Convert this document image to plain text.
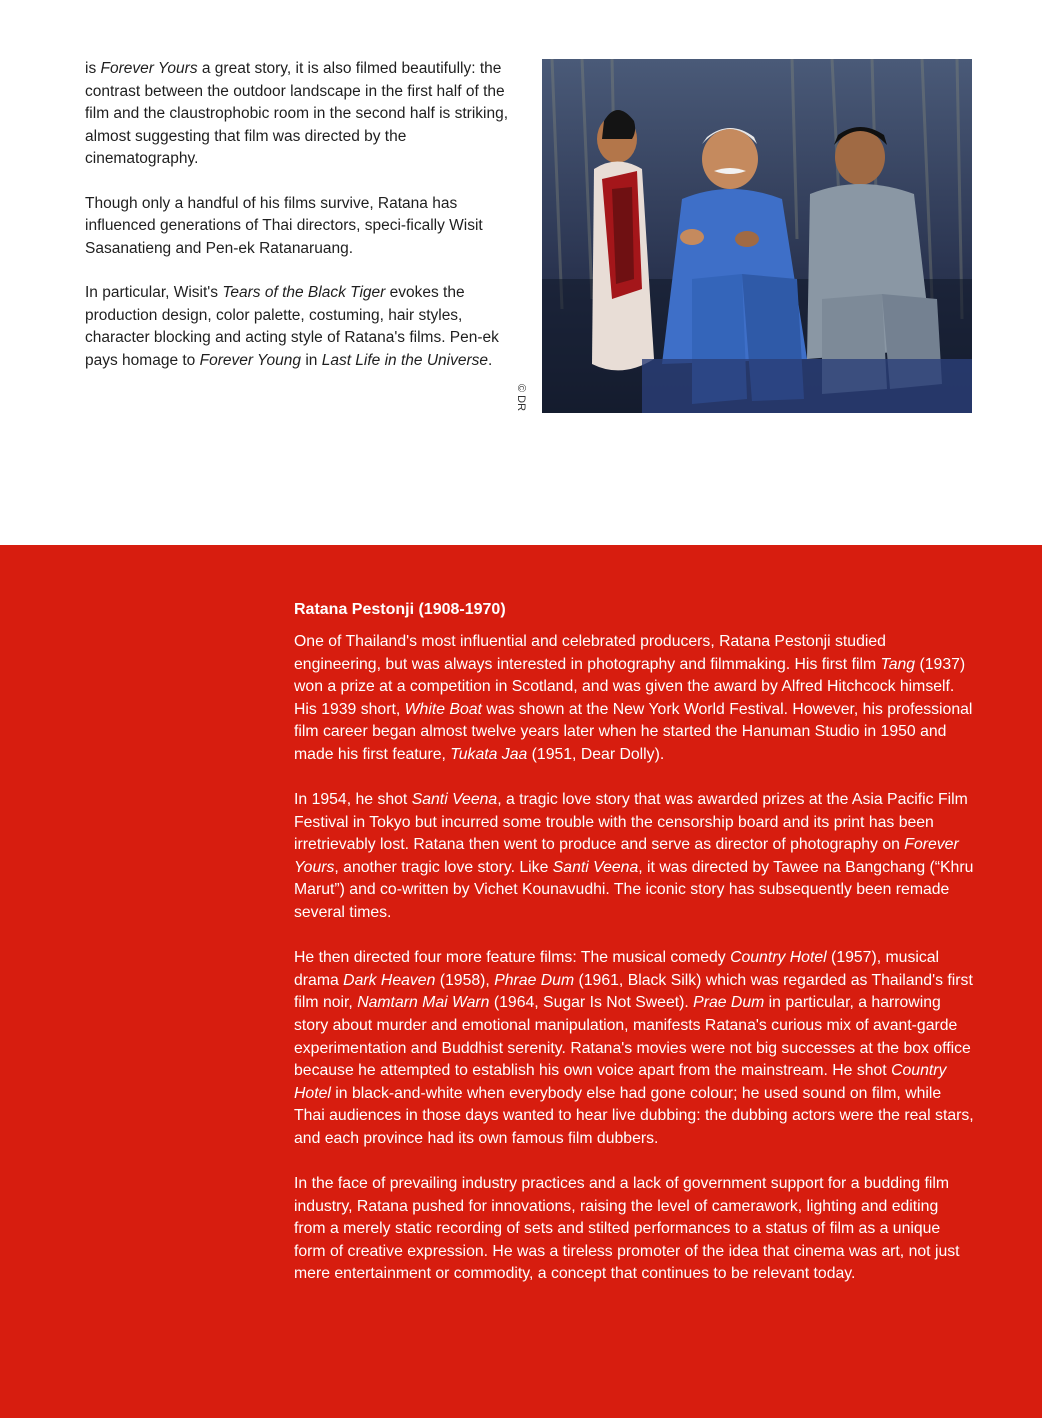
is Forever Yours a great story, it is also filmed beautifully: the contrast between the outdoor landscape in the first half of the film and the claustrophobic room in the second half is striking, almost suggesting that film was directed by the cinematography.

Though only a handful of his films survive, Ratana has influenced generations of Thai directors, speci-fically Wisit Sasanatieng and Pen-ek Ratanaruang.

In particular, Wisit's Tears of the Black Tiger evokes the production design, color palette, costuming, hair styles, character blocking and acting style of Ratana's films. Pen-ek pays homage to Forever Young in Last Life in the Universe.

© DR
Ratana Pestonji (1908-1970)

One of Thailand's most influential and celebrated producers, Ratana Pestonji studied engineering, but was always interested in photography and filmmaking. His first film Tang (1937) won a prize at a competition in Scotland, and was given the award by Alfred Hitchcock himself. His 1939 short, White Boat was shown at the New York World Festival. However, his professional film career began almost twelve years later when he started the Hanuman Studio in 1950 and made his first feature, Tukata Jaa (1951, Dear Dolly).

In 1954, he shot Santi Veena, a tragic love story that was awarded prizes at the Asia Pacific Film Festival in Tokyo but incurred some trouble with the censorship board and its print has been irretrievably lost. Ratana then went to produce and serve as director of photography on Forever Yours, another tragic love story. Like Santi Veena, it was directed by Tawee na Bangchang (“Khru Marut”) and co-written by Vichet Kounavudhi. The iconic story has subsequently been remade several times.

He then directed four more feature films: The musical comedy Country Hotel (1957), musical drama Dark Heaven (1958), Phrae Dum (1961, Black Silk) which was regarded as Thailand's first film noir, Namtarn Mai Warn (1964, Sugar Is Not Sweet). Prae Dum in particular, a harrowing story about murder and emotional manipulation, manifests Ratana's curious mix of avant-garde experimentation and Buddhist serenity. Ratana's movies were not big successes at the box office because he attempted to establish his own voice apart from the mainstream. He shot Country Hotel in black-and-white when everybody else had gone colour; he used sound on film, while Thai audiences in those days wanted to hear live dubbing: the dubbing actors were the real stars, and each province had its own famous film dubbers.

In the face of prevailing industry practices and a lack of government support for a budding film industry, Ratana pushed for innovations, raising the level of camerawork, lighting and editing from a merely static recording of sets and stilted performances to a status of film as a unique form of creative expression. He was a tireless promoter of the idea that cinema was art, not just mere entertainment or commodity, a concept that continues to be relevant today.
